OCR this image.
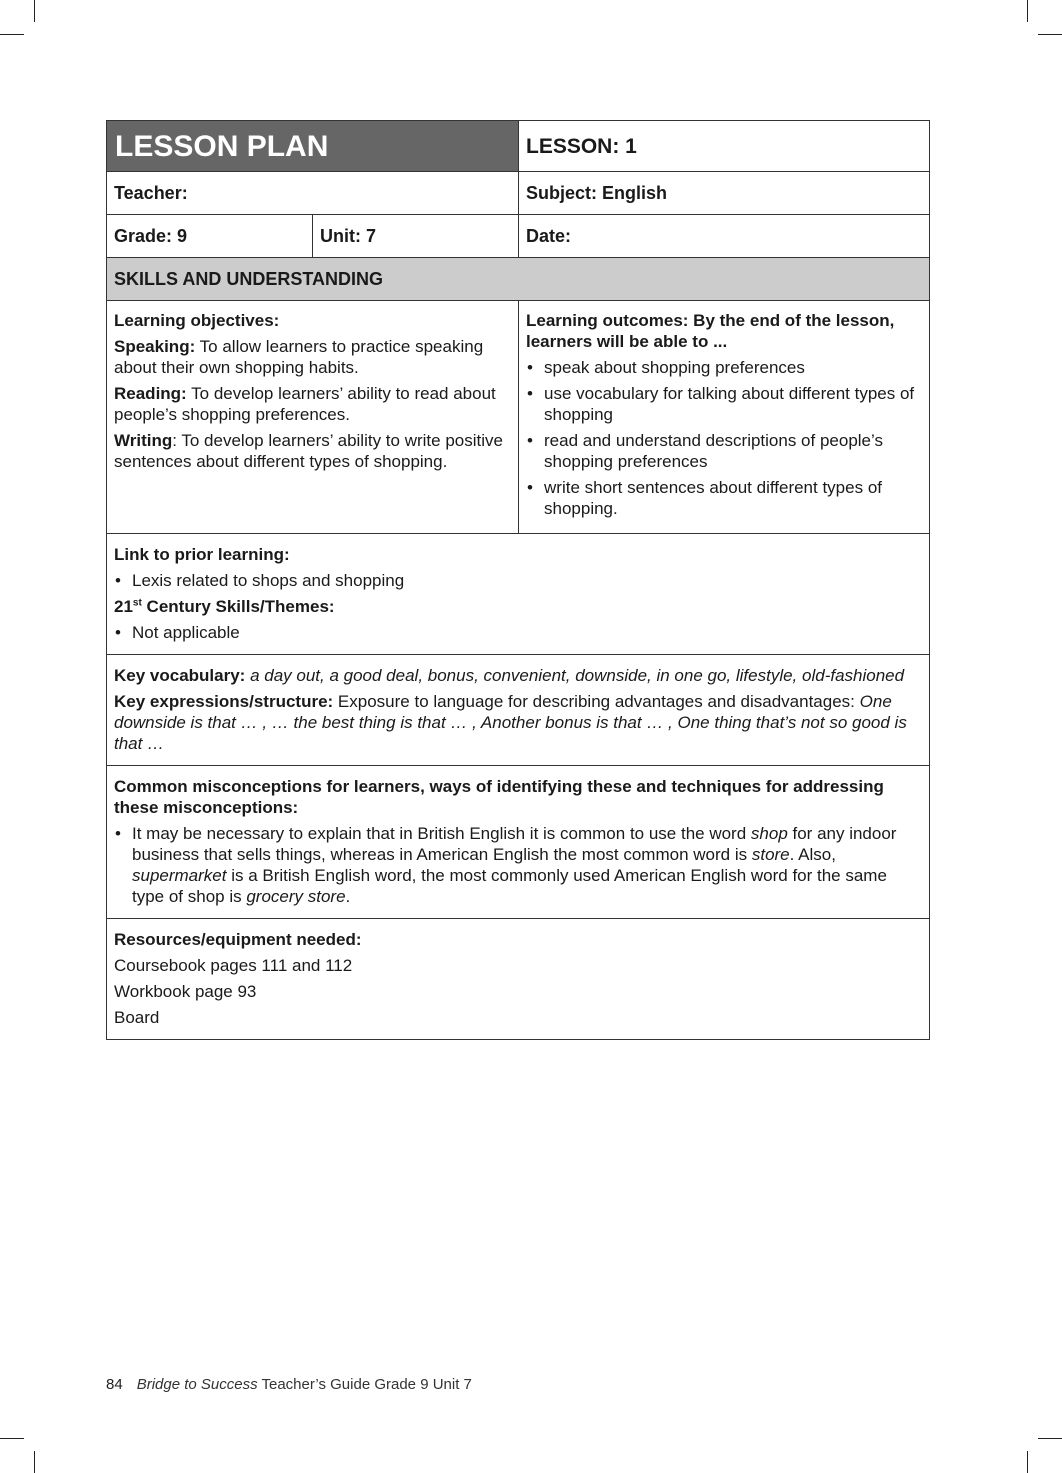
LESSON PLAN	LESSON: 1
Teacher:	Subject: English
Grade: 9	Unit: 7	Date:
SKILLS AND UNDERSTANDING

Learning objectives:

Speaking: To allow learners to practice speaking about their own shopping habits.

Reading: To develop learners’ ability to read about people’s shopping preferences.

Writing: To develop learners’ ability to write positive sentences about different types of shopping.

Learning outcomes: By the end of the lesson, learners will be able to ...

• speak about shopping preferences
• use vocabulary for talking about different types of shopping
• read and understand descriptions of people’s shopping preferences
• write short sentences about different types of shopping.

Link to prior learning:

• Lexis related to shops and shopping

21st Century Skills/Themes:

• Not applicable

Key vocabulary: a day out, a good deal, bonus, convenient, downside, in one go, lifestyle, old-fashioned

Key expressions/structure: Exposure to language for describing advantages and disadvantages: One downside is that … , … the best thing is that … , Another bonus is that … , One thing that’s not so good is that …

Common misconceptions for learners, ways of identifying these and techniques for addressing these misconceptions:

• It may be necessary to explain that in British English it is common to use the word shop for any indoor business that sells things, whereas in American English the most common word is store. Also, supermarket is a British English word, the most commonly used American English word for the same type of shop is grocery store.

Resources/equipment needed:

Coursebook pages 111 and 112

Workbook page 93

Board

84 Bridge to Success Teacher’s Guide Grade 9 Unit 7
